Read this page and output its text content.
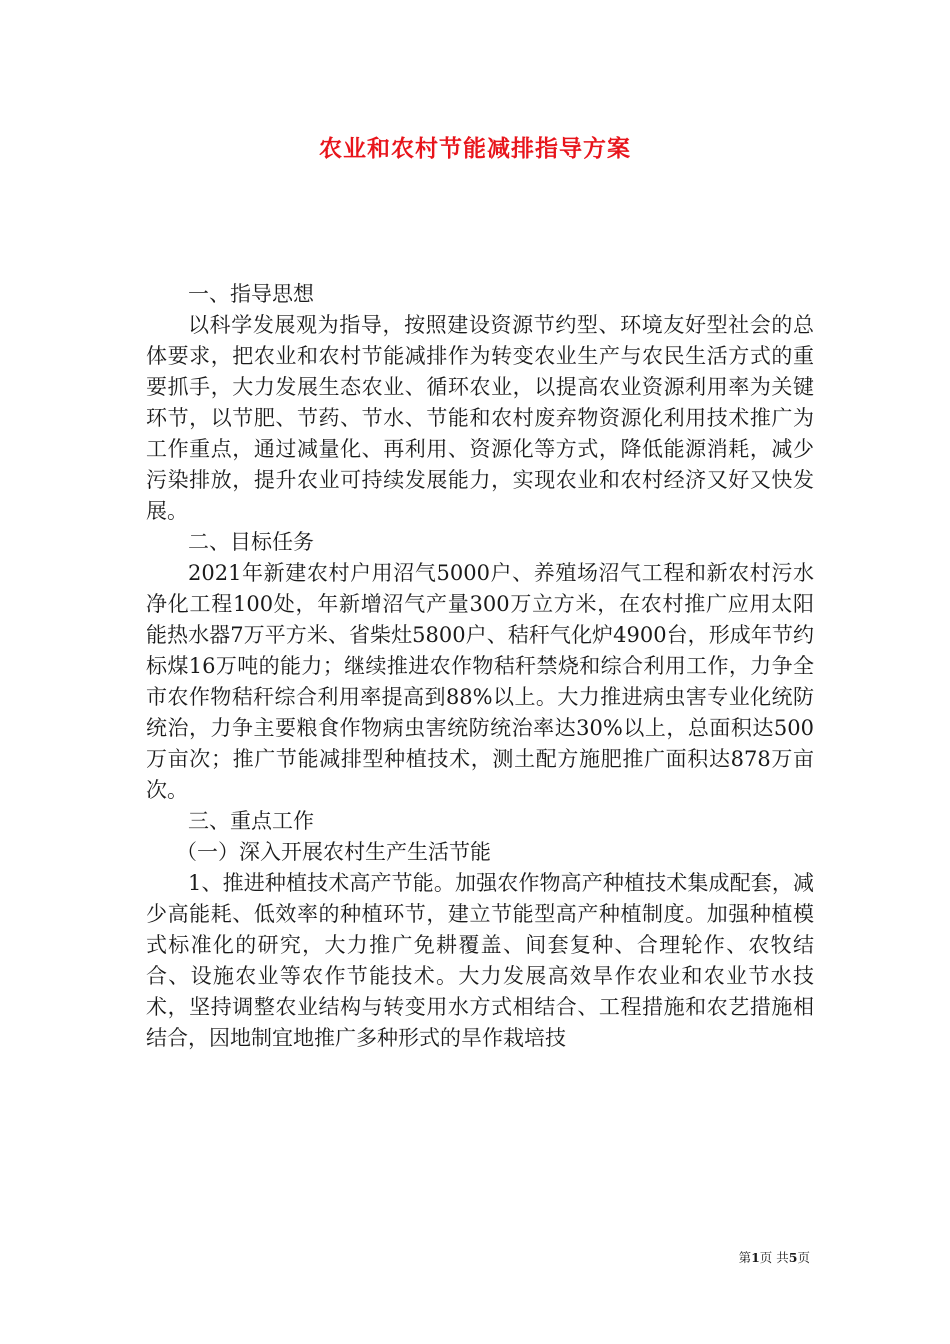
农业和农村节能减排指导方案

一、指导思想

以科学发展观为指导，按照建设资源节约型、环境友好型社会的总体要求，把农业和农村节能减排作为转变农业生产与农民生活方式的重要抓手，大力发展生态农业、循环农业，以提高农业资源利用率为关键环节，以节肥、节药、节水、节能和农村废弃物资源化利用技术推广为工作重点，通过减量化、再利用、资源化等方式，降低能源消耗，减少污染排放，提升农业可持续发展能力，实现农业和农村经济又好又快发展。

二、目标任务

2021年新建农村户用沼气5000户、养殖场沼气工程和新农村污水净化工程100处，年新增沼气产量300万立方米，在农村推广应用太阳能热水器7万平方米、省柴灶5800户、秸秆气化炉4900台，形成年节约标煤16万吨的能力；继续推进农作物秸秆禁烧和综合利用工作，力争全市农作物秸秆综合利用率提高到88%以上。大力推进病虫害专业化统防统治，力争主要粮食作物病虫害统防统治率达30%以上，总面积达500万亩次；推广节能减排型种植技术，测土配方施肥推广面积达878万亩次。

三、重点工作

（一）深入开展农村生产生活节能

1、推进种植技术高产节能。加强农作物高产种植技术集成配套，减少高能耗、低效率的种植环节，建立节能型高产种植制度。加强种植模式标准化的研究，大力推广免耕覆盖、间套复种、合理轮作、农牧结合、设施农业等农作节能技术。大力发展高效旱作农业和农业节水技术，坚持调整农业结构与转变用水方式相结合、工程措施和农艺措施相结合，因地制宜地推广多种形式的旱作栽培技

第1页 共5页
